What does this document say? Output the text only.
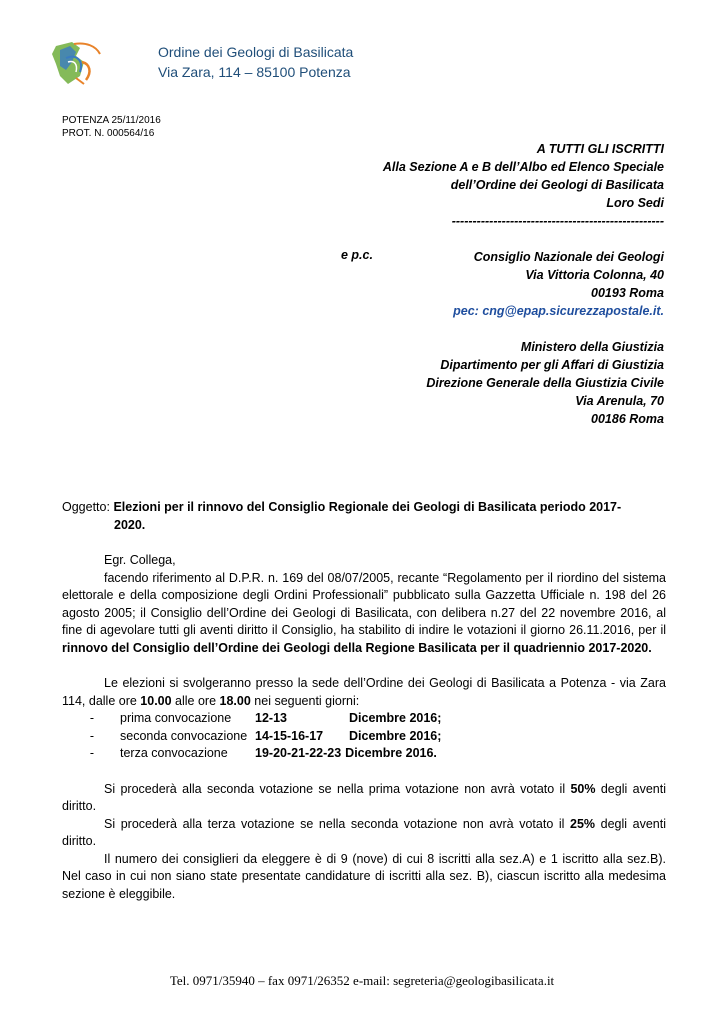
Ordine dei Geologi di Basilicata
Via Zara, 114 – 85100 Potenza
POTENZA 25/11/2016
PROT. N. 000564/16
A TUTTI GLI ISCRITTI
Alla Sezione A e B dell’Albo ed Elenco Speciale
dell’Ordine dei Geologi di Basilicata
Loro Sedi
---------------------------------------------------
e p.c.	Consiglio Nazionale dei Geologi
Via Vittoria Colonna, 40
00193 Roma
pec: cng@epap.sicurezzapostale.it.
Ministero della Giustizia
Dipartimento per gli Affari di Giustizia
Direzione Generale della Giustizia Civile
Via Arenula, 70
00186 Roma
Oggetto: Elezioni per il rinnovo del Consiglio Regionale dei Geologi di Basilicata periodo 2017-
2020.

Egr. Collega,

facendo riferimento al D.P.R. n. 169 del 08/07/2005, recante “Regolamento per il riordino del sistema elettorale e della composizione degli Ordini Professionali” pubblicato sulla Gazzetta Ufficiale n. 198 del 26 agosto 2005; il Consiglio dell’Ordine dei Geologi di Basilicata, con delibera n.27 del 22 novembre 2016, al fine di agevolare tutti gli aventi diritto il Consiglio, ha stabilito di indire le votazioni il giorno 26.11.2016, per il rinnovo del Consiglio dell’Ordine dei Geologi della Regione Basilicata per il quadriennio 2017-2020.

Le elezioni si svolgeranno presso la sede dell’Ordine dei Geologi di Basilicata a Potenza - via Zara 114, dalle ore 10.00 alle ore 18.00 nei seguenti giorni:

-	prima convocazione	12-13	Dicembre 2016;
-	seconda convocazione 14-15-16-17	Dicembre 2016;
-	terza convocazione	19-20-21-22-23 Dicembre 2016.

Si procederà alla seconda votazione se nella prima votazione non avrà votato il 50% degli aventi diritto.

Si procederà alla terza votazione se nella seconda votazione non avrà votato il 25% degli aventi diritto.

Il numero dei consiglieri da eleggere è di 9 (nove) di cui 8 iscritti alla sez.A) e 1 iscritto alla sez.B). Nel caso in cui non siano state presentate candidature di iscritti alla sez. B), ciascun iscritto alla medesima sezione è eleggibile.

Tel. 0971/35940 – fax 0971/26352 e-mail: segreteria@geologibasilicata.it
